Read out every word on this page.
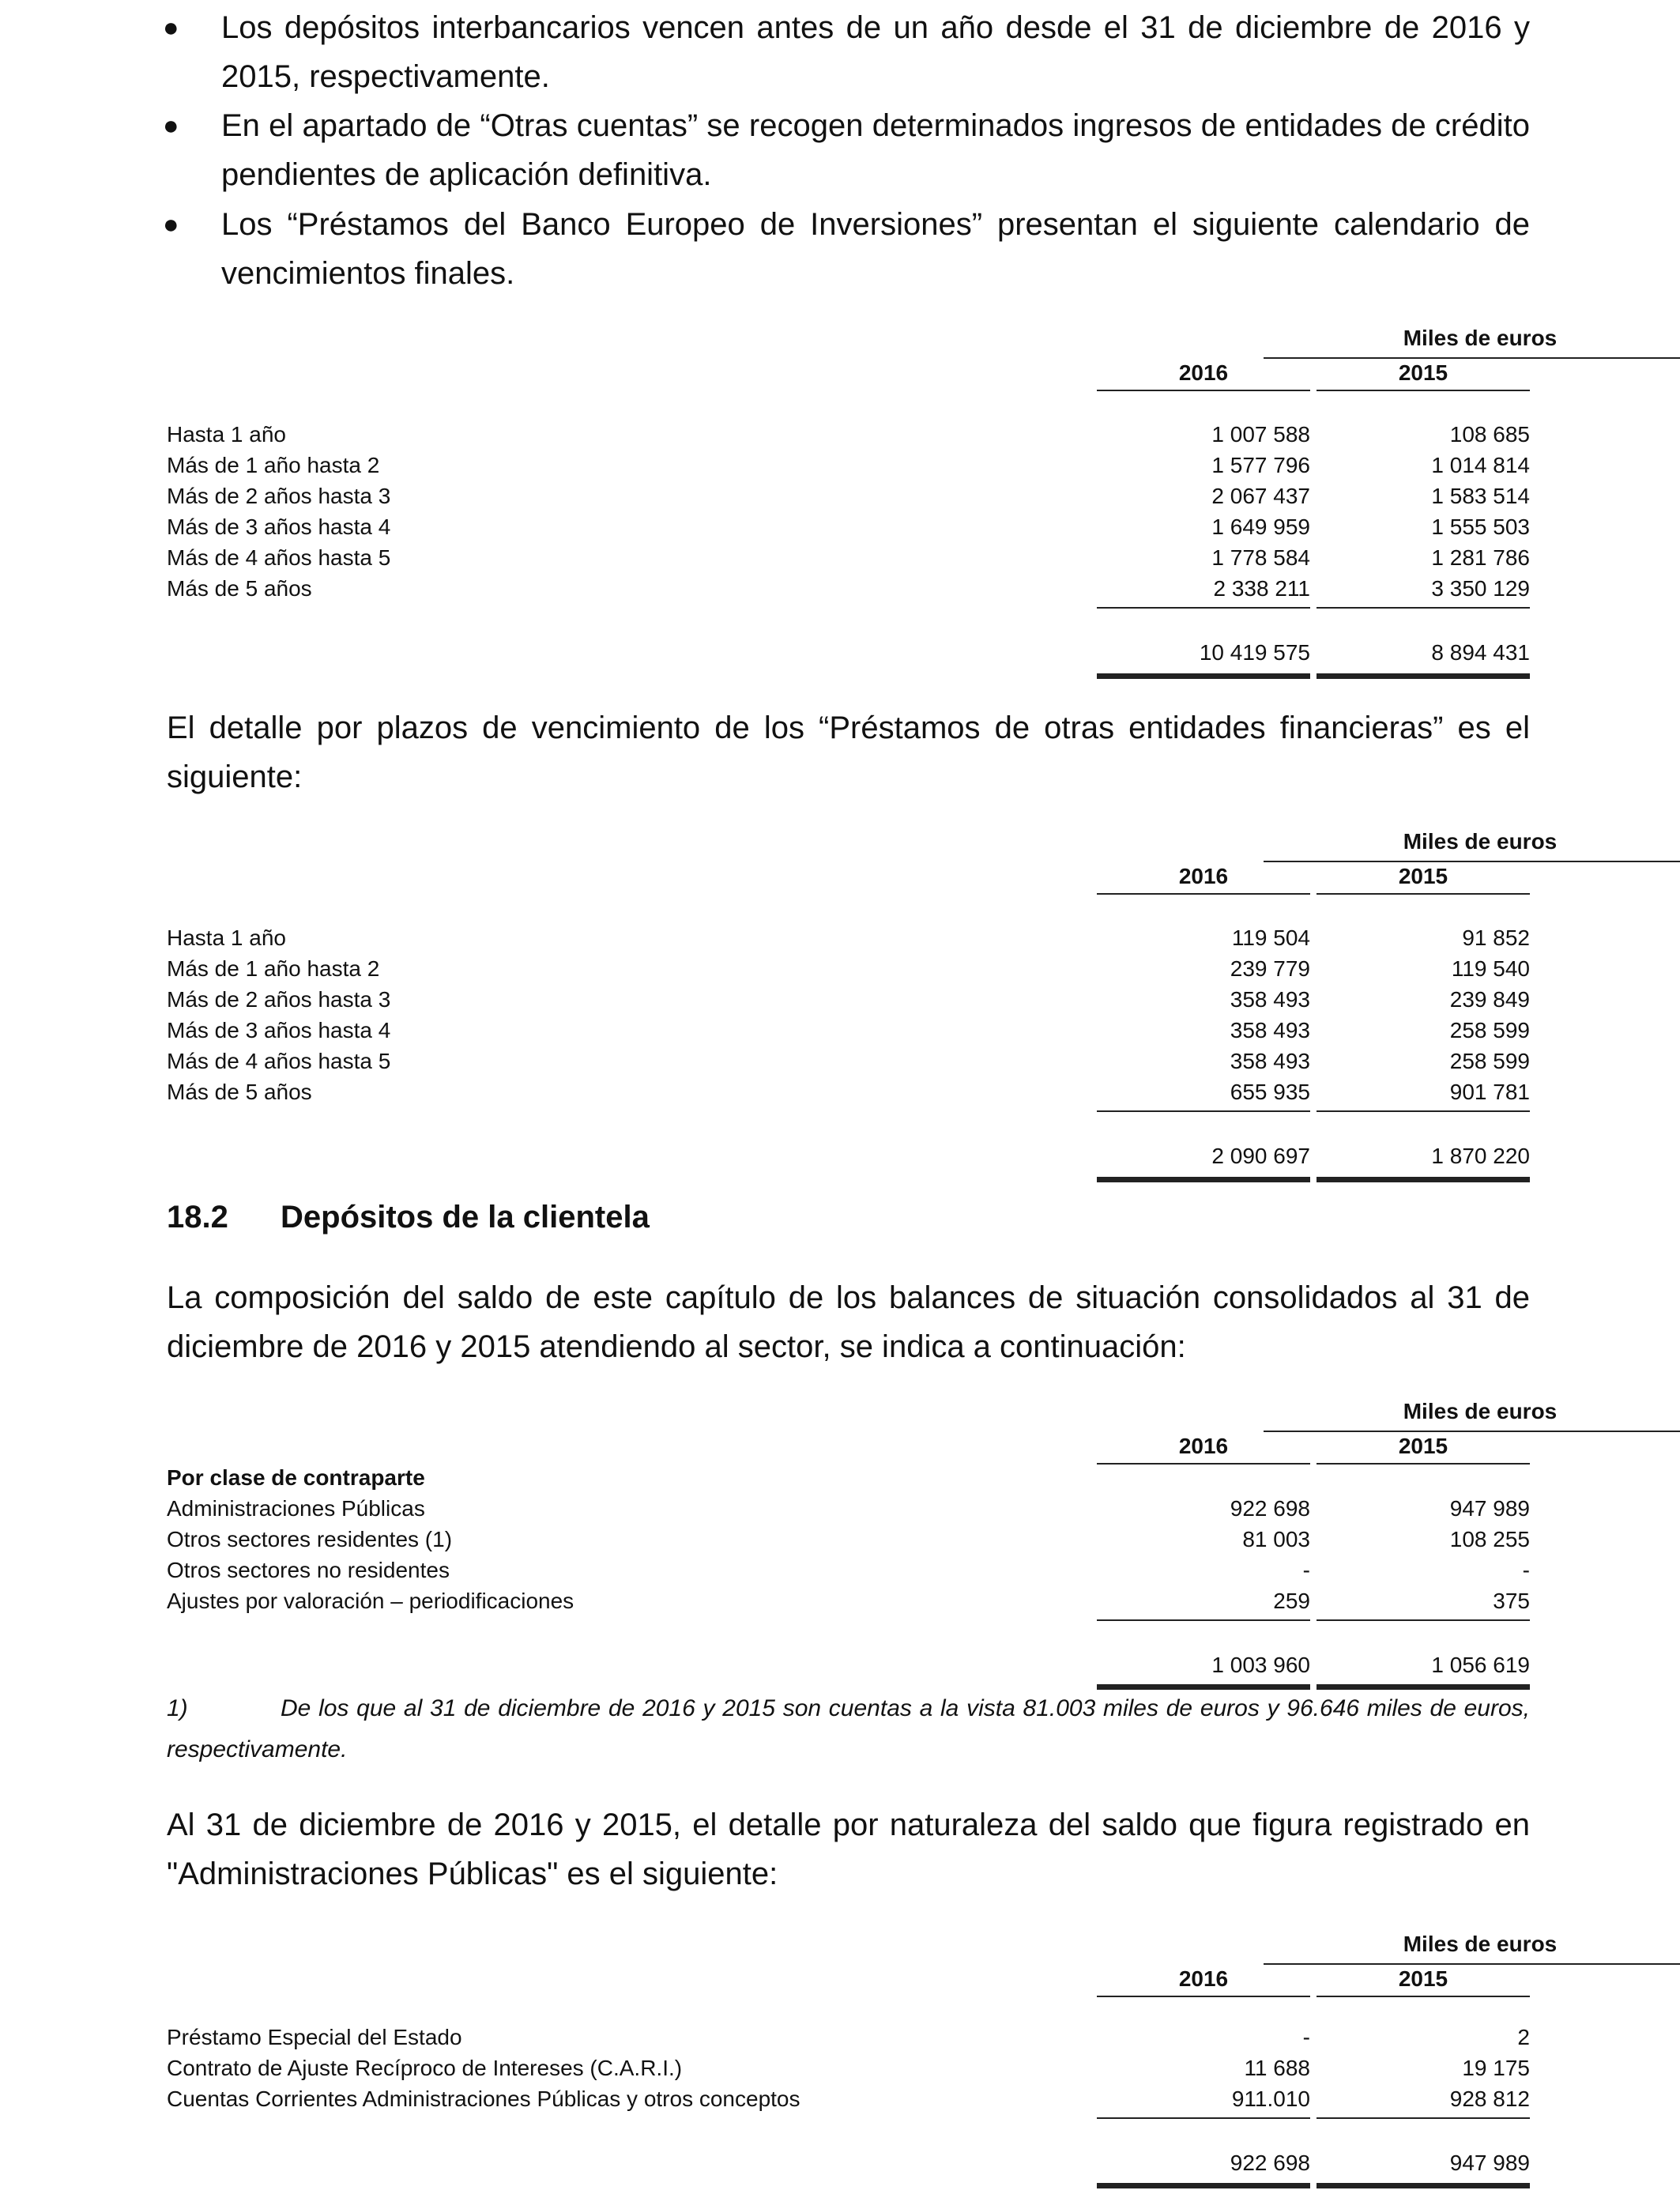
● Los depósitos interbancarios vencen antes de un año desde el 31 de diciembre de 2016 y 2015, respectivamente.

● En el apartado de “Otras cuentas” se recogen determinados ingresos de entidades de crédito pendientes de aplicación definitiva.

● Los “Préstamos del Banco Europeo de Inversiones” presentan el siguiente calendario de vencimientos finales.

Miles de euros
2016	2015
Hasta 1 año	1 007 588	108 685
Más de 1 año hasta 2	1 577 796	1 014 814
Más de 2 años hasta 3	2 067 437	1 583 514
Más de 3 años hasta 4	1 649 959	1 555 503
Más de 4 años hasta 5	1 778 584	1 281 786
Más de 5 años	2 338 211	3 350 129
10 419 575	8 894 431

El detalle por plazos de vencimiento de los “Préstamos de otras entidades financieras” es el siguiente:

Miles de euros
2016	2015
Hasta 1 año	119 504	91 852
Más de 1 año hasta 2	239 779	119 540
Más de 2 años hasta 3	358 493	239 849
Más de 3 años hasta 4	358 493	258 599
Más de 4 años hasta 5	358 493	258 599
Más de 5 años	655 935	901 781
2 090 697	1 870 220
18.2 Depósitos de la clientela

La composición del saldo de este capítulo de los balances de situación consolidados al 31 de diciembre de 2016 y 2015 atendiendo al sector, se indica a continuación:

Miles de euros
2016	2015
Por clase de contraparte
Administraciones Públicas	922 698	947 989
Otros sectores residentes (1)	81 003	108 255
Otros sectores no residentes	-	-
Ajustes por valoración – periodificaciones	259	375
1 003 960	1 056 619

1)	De los que al 31 de diciembre de 2016 y 2015 son cuentas a la vista 81.003 miles de euros y 96.646 miles de euros, respectivamente.

Al 31 de diciembre de 2016 y 2015, el detalle por naturaleza del saldo que figura registrado en "Administraciones Públicas" es el siguiente:

Miles de euros
2016	2015
Préstamo Especial del Estado	-	2
Contrato de Ajuste Recíproco de Intereses (C.A.R.I.)	11 688	19 175
Cuentas Corrientes Administraciones Públicas y otros conceptos	911.010	928 812
922 698	947 989
